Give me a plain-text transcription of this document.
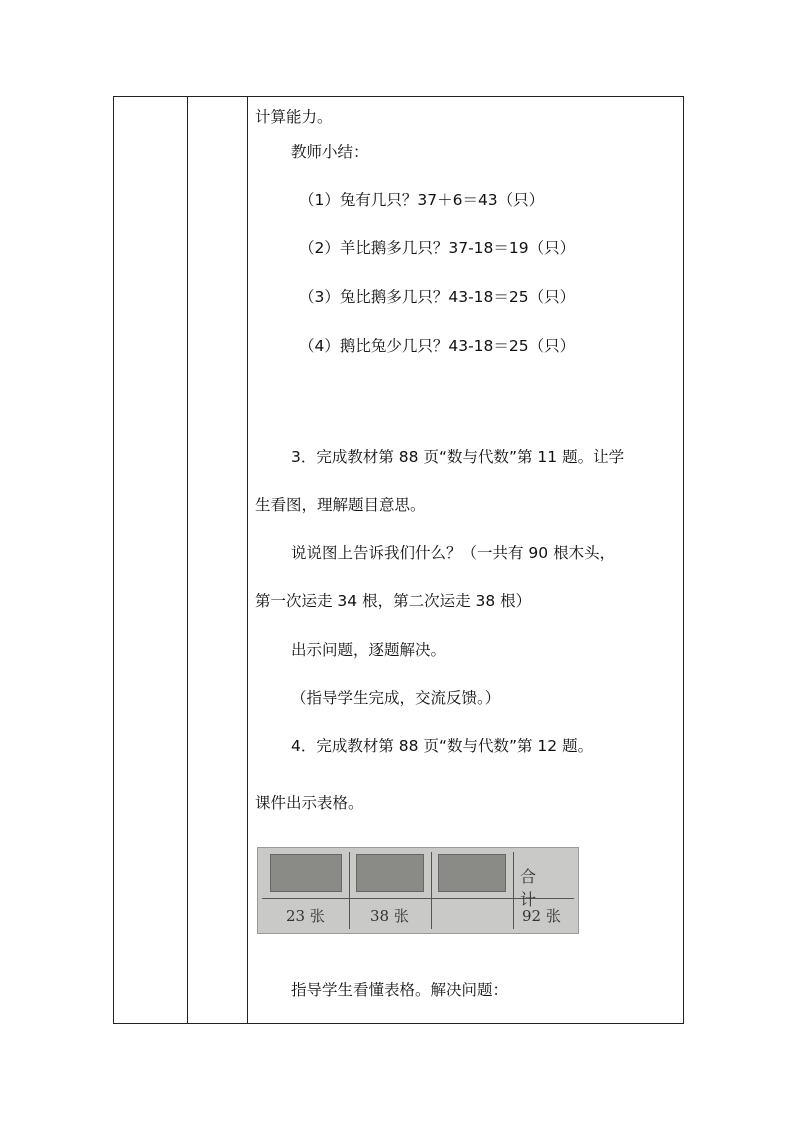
计算能力。
教师小结：
（1）兔有几只？37＋6＝43（只）
（2）羊比鹅多几只？37-18＝19（只）
（3）兔比鹅多几只？43-18＝25（只）
（4）鹅比兔少几只？43-18＝25（只）
3．完成教材第 88 页“数与代数”第 11 题。让学
生看图，理解题目意思。
说说图上告诉我们什么？（一共有 90 根木头，
第一次运走 34 根，第二次运走 38 根）
出示问题，逐题解决。
（指导学生完成，交流反馈。）
4．完成教材第 88 页“数与代数”第 12 题。
课件出示表格。
合计
23 张	38 张	92 张
指导学生看懂表格。解决问题：
